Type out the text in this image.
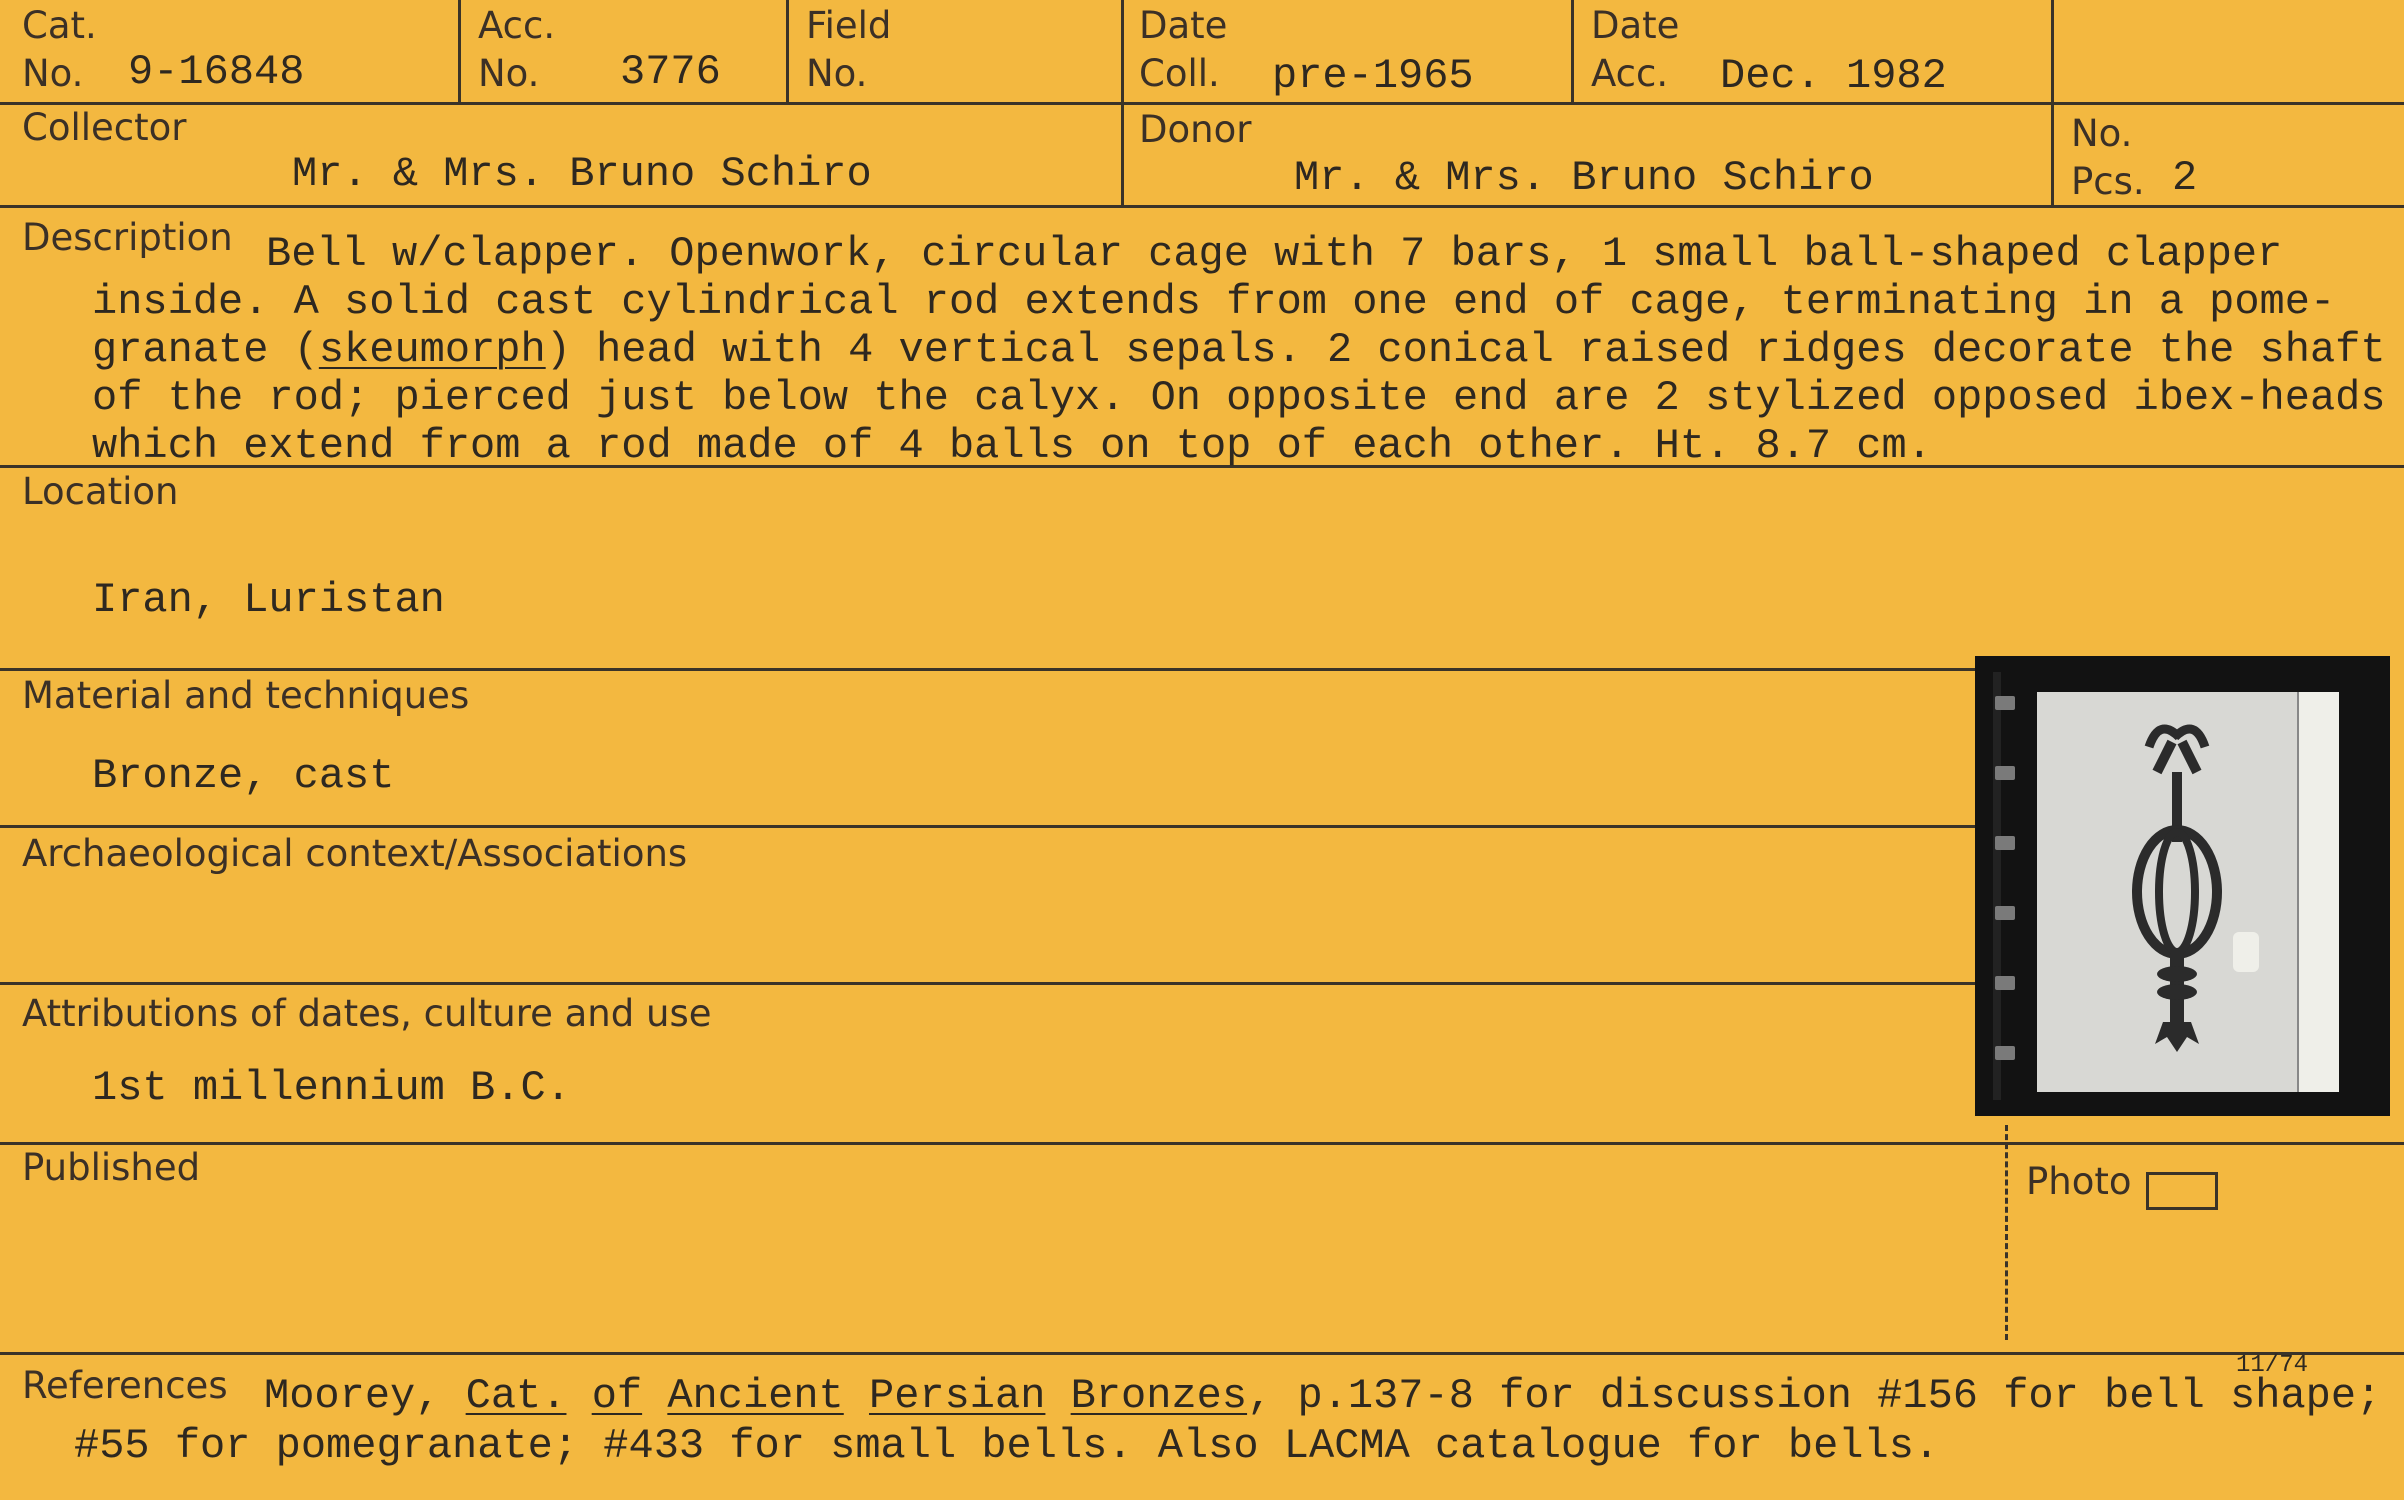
Cat.
No. 9-16848
Acc.
No. 3776
Field
No.
Date
Coll. pre-1965
Date
Acc. Dec. 1982
Collector
Mr. & Mrs. Bruno Schiro
Donor
Mr. & Mrs. Bruno Schiro
No.
Pcs. 2
Description Bell w/clapper. Openwork, circular cage with 7 bars, 1 small ball-shaped clapper inside. A solid cast cylindrical rod extends from one end of cage, terminating in a pome-granate (skeumorph) head with 4 vertical sepals. 2 conical raised ridges decorate the shaft of the rod; pierced just below the calyx. On opposite end are 2 stylized opposed ibex-heads which extend from a rod made of 4 balls on top of each other. Ht. 8.7 cm.
Location
Iran, Luristan
Material and techniques
Bronze, cast
Archaeological context/Associations
Attributions of dates, culture and use
1st millennium B.C.
Published	Photo
References Moorey, Cat. of Ancient Persian Bronzes, p.137-8 for discussion #156 for bell shape;
#55 for pomegranate; #433 for small bells. Also LACMA catalogue for bells.
11/74
